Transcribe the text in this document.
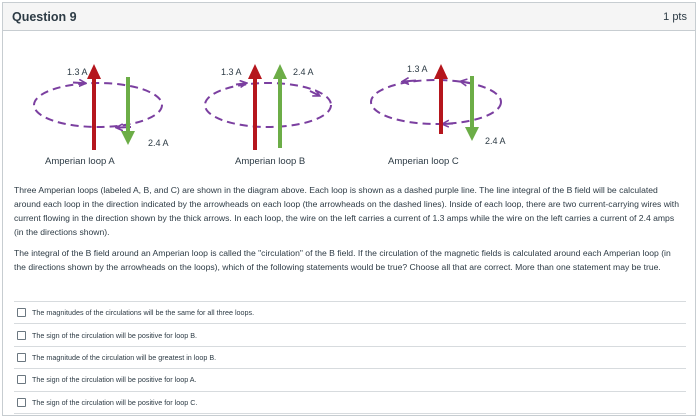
Question 9	1 pts
1.3 A
2.4 A
Amperian loop A
1.3 A	2.4 A
Amperian loop B
1.3 A
2.4 A
Amperian loop C

Three Amperian loops (labeled A, B, and C) are shown in the diagram above. Each loop is shown as a dashed purple line. The line integral of the B field will be calculated around each loop in the direction indicated by the arrowheads on each loop (the arrowheads on the dashed lines). Inside of each loop, there are two current-carrying wires with current flowing in the direction shown by the thick arrows. In each loop, the wire on the left carries a current of 1.3 amps while the wire on the left carries a current of 2.4 amps (in the directions shown).

The integral of the B field around an Amperian loop is called the "circulation" of the B field. If the circulation of the magnetic fields is calculated around each Amperian loop (in the directions shown by the arrowheads on the loops), which of the following statements would be true? Choose all that are correct. More than one statement may be true.

The magnitudes of the circulations will be the same for all three loops.
The sign of the circulation will be positive for loop B.
The magnitude of the circulation will be greatest in loop B.
The sign of the circulation will be positive for loop A.
The sign of the circulation will be positive for loop C.
